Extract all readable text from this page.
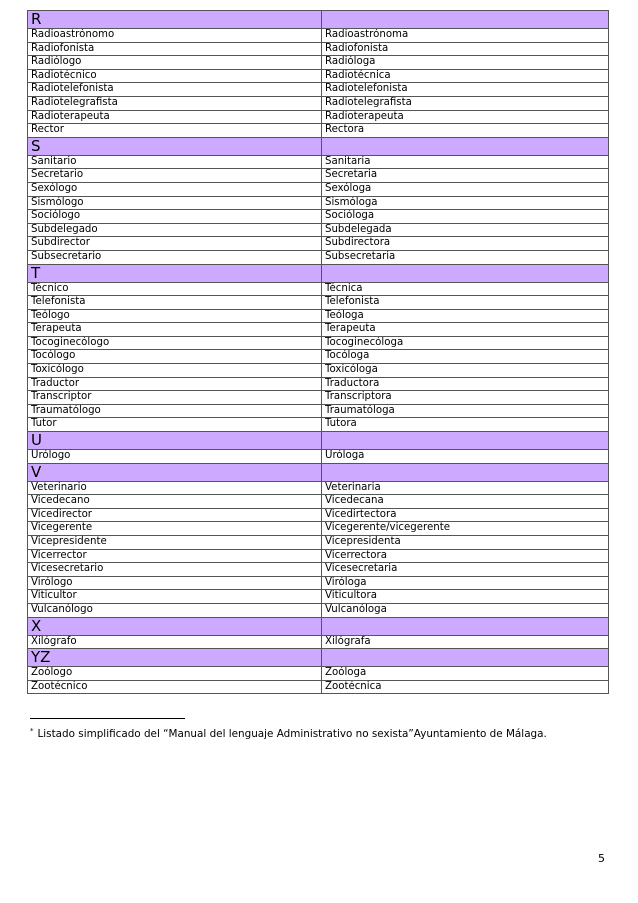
R	
Radioastrónomo	Radioastrónoma
Radiofonista	Radiofonista
Radiólogo	Radióloga
Radiotécnico	Radiotécnica
Radiotelefonista	Radiotelefonista
Radiotelegrafista	Radiotelegrafista
Radioterapeuta	Radioterapeuta
Rector	Rectora
S	
Sanitario	Sanitaria
Secretario	Secretaria
Sexólogo	Sexóloga
Sismólogo	Sismóloga
Sociólogo	Socióloga
Subdelegado	Subdelegada
Subdirector	Subdirectora
Subsecretario	Subsecretaria
T	
Técnico	Técnica
Telefonista	Telefonista
Teólogo	Teóloga
Terapeuta	Terapeuta
Tocoginecólogo	Tocoginecóloga
Tocólogo	Tocóloga
Toxicólogo	Toxicóloga
Traductor	Traductora
Transcriptor	Transcriptora
Traumatólogo	Traumatóloga
Tutor	Tutora
U	
Urólogo	Uróloga
V	
Veterinario	Veterinaria
Vicedecano	Vicedecana
Vicedirector	Vicedirtectora
Vicegerente	Vicegerente/vicegerente
Vicepresidente	Vicepresidenta
Vicerrector	Vicerrectora
Vicesecretario	Vicesecretaria
Virólogo	Viróloga
Viticultor	Viticultora
Vulcanólogo	Vulcanóloga
X	
Xilógrafo	Xilógrafa
YZ	
Zoólogo	Zoóloga
Zootécnico	Zootécnica
* Listado simplificado del “Manual del lenguaje Administrativo no sexista”Ayuntamiento de Málaga.
5
